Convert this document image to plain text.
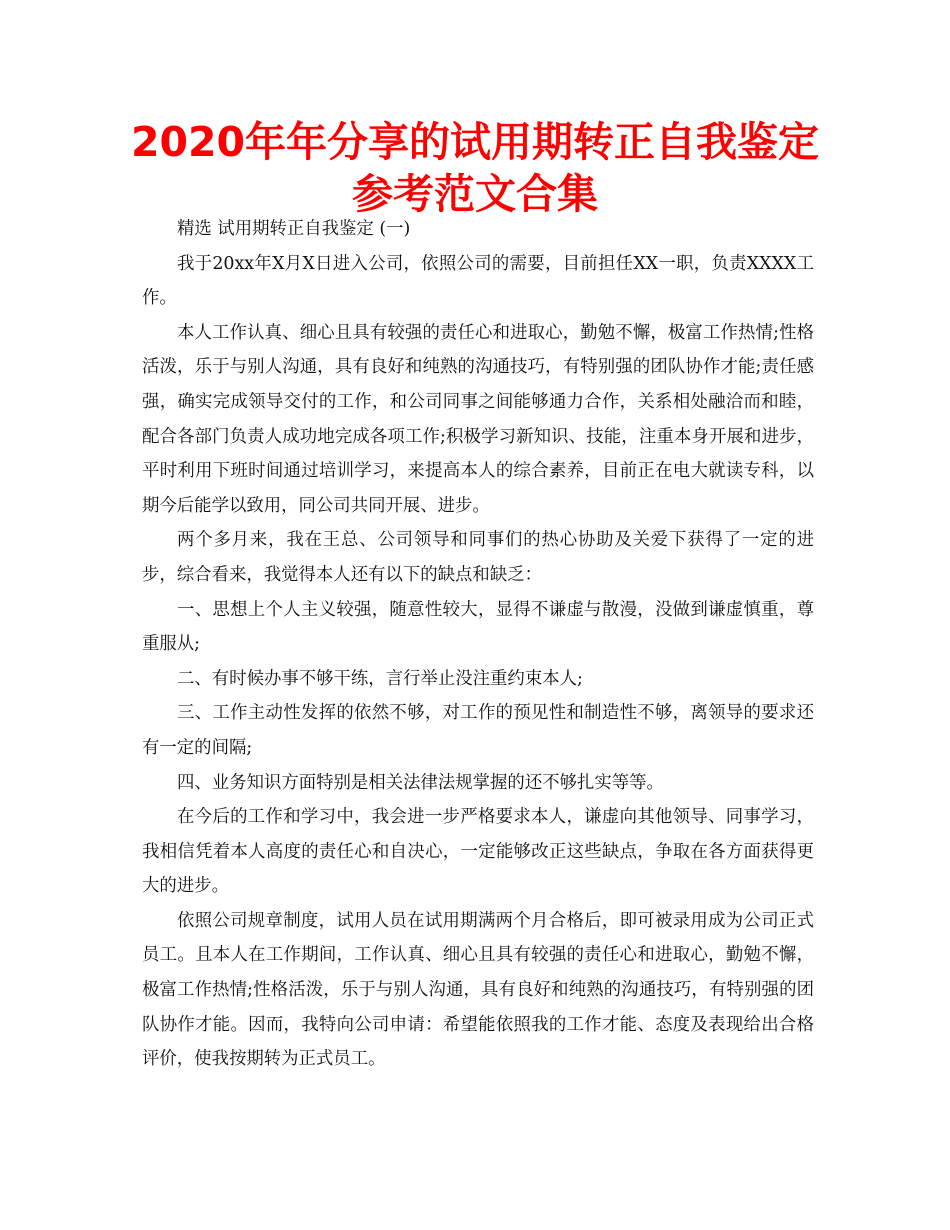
2020年年分享的试用期转正自我鉴定参考范文合集

精选 试用期转正自我鉴定 (一)

我于20xx年X月X日进入公司，依照公司的需要，目前担任XX一职，负责XXXX工作。

本人工作认真、细心且具有较强的责任心和进取心，勤勉不懈，极富工作热情;性格活泼，乐于与别人沟通，具有良好和纯熟的沟通技巧，有特别强的团队协作才能;责任感强，确实完成领导交付的工作，和公司同事之间能够通力合作，关系相处融洽而和睦，配合各部门负责人成功地完成各项工作;积极学习新知识、技能，注重本身开展和进步，平时利用下班时间通过培训学习，来提高本人的综合素养，目前正在电大就读专科，以期今后能学以致用，同公司共同开展、进步。

两个多月来，我在王总、公司领导和同事们的热心协助及关爱下获得了一定的进步，综合看来，我觉得本人还有以下的缺点和缺乏：

一、思想上个人主义较强，随意性较大，显得不谦虚与散漫，没做到谦虚慎重，尊重服从;

二、有时候办事不够干练，言行举止没注重约束本人;

三、工作主动性发挥的依然不够，对工作的预见性和制造性不够，离领导的要求还有一定的间隔;

四、业务知识方面特别是相关法律法规掌握的还不够扎实等等。

在今后的工作和学习中，我会进一步严格要求本人，谦虚向其他领导、同事学习，我相信凭着本人高度的责任心和自决心，一定能够改正这些缺点，争取在各方面获得更大的进步。

依照公司规章制度，试用人员在试用期满两个月合格后，即可被录用成为公司正式员工。且本人在工作期间，工作认真、细心且具有较强的责任心和进取心，勤勉不懈，极富工作热情;性格活泼，乐于与别人沟通，具有良好和纯熟的沟通技巧，有特别强的团队协作才能。因而，我特向公司申请：希望能依照我的工作才能、态度及表现给出合格评价，使我按期转为正式员工。
